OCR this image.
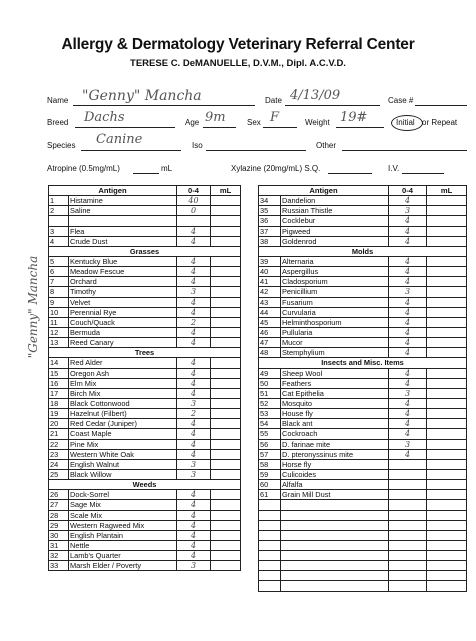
Allergy & Dermatology Veterinary Referral Center
TERESE C. DeMANUELLE, D.V.M., Dipl. A.C.V.D.
Name "Genny" Mancha	Date 4/13/09	Case #
Breed Dachs	Age 9m	Sex F	Weight 19#	Initial or Repeat
Species Canine	Iso	Other
Atropine (0.5mg/mL)	mL	Xylazine (20mg/mL) S.Q.	I.V.
"Genny" Mancha
Antigen		0-4	mL
1	Histamine	40	
2	Saline	0	

3	Flea	4	
4	Crude Dust	4	
Grasses			
5	Kentucky Blue	4	
6	Meadow Fescue	4	
7	Orchard	4	
8	Timothy	3	
9	Velvet	4	
10	Perennial Rye	4	
11	Couch/Quack	2	
12	Bermuda	4	
13	Reed Canary	4	
Trees			
14	Red Alder	4	
15	Oregon Ash	4	
16	Elm Mix	4	
17	Birch Mix	4	
18	Black Cottonwood	3	
19	Hazelnut (Filbert)	2	
20	Red Cedar (Juniper)	4	
21	Coast Maple	4	
22	Pine Mix	4	
23	Western White Oak	4	
24	English Walnut	3	
25	Black Willow	3	
Weeds			
26	Dock-Sorrel	4	
27	Sage Mix	4	
28	Scale Mix	4	
29	Western Ragweed Mix	4	
30	English Plantain	4	
31	Nettle	4	
32	Lamb's Quarter	4	
33	Marsh Elder / Poverty	3	
Antigen		0-4	mL
34	Dandelion	4	
35	Russian Thistle	3	
36	Cocklebur	4	
37	Pigweed	4	
38	Goldenrod	4	
Molds			
39	Alternaria	4	
40	Aspergillus	4	
41	Cladosporium	4	
42	Penicillium	3	
43	Fusarium	4	
44	Curvularia	4	
45	Helminthosporium	4	
46	Pullularia	4	
47	Mucor	4	
48	Stemphylium	4	
Insects and Misc. Items			
49	Sheep Wool	4	
50	Feathers	4	
51	Cat Epithelia	3	
52	Mosquito	4	
53	House fly	4	
54	Black ant	4	
55	Cockroach	4	
56	D. farinae mite	3	
57	D. pteronyssinus mite	4	
58	Horse fly		
59	Culicoides		
60	Alfalfa		
61	Grain Mill Dust		
